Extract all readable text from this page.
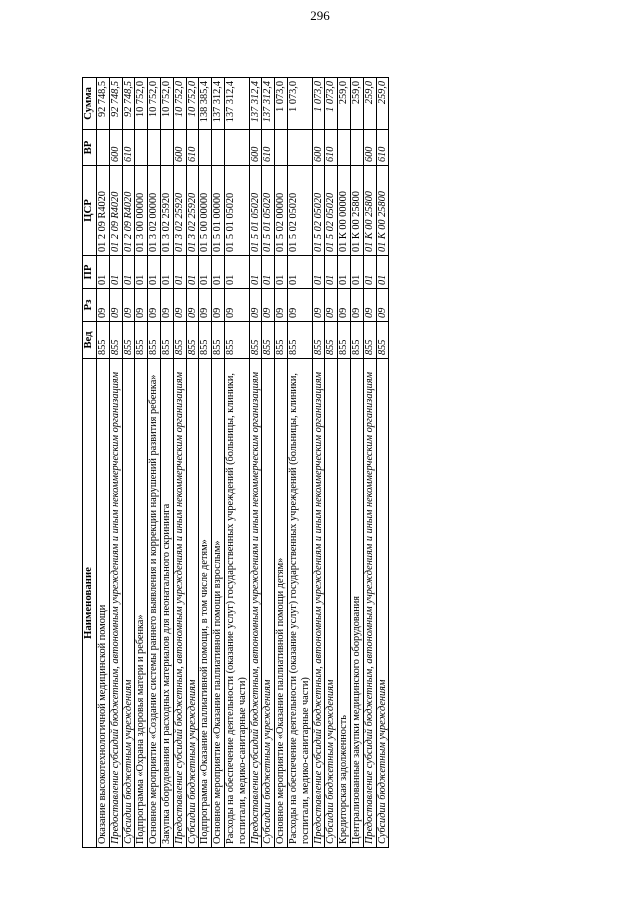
296
Наименование	Вед	Рз	ПР	ЦСР	ВР	Сумма
Оказание высокотехнологичной медицинской помощи	855	09	01	01 2 09 R4020		92 748,5
Предоставление субсидий бюджетным, автономным учреждениям и иным некоммерческим организациям	855	09	01	01 2 09 R4020	600	92 748,5
Субсидии бюджетным учреждениям	855	09	01	01 2 09 R4020	610	92 748,5
Подпрограмма «Охрана здоровья матери и ребенка»	855	09	01	01 3 00 00000		10 752,0
Основное мероприятие «Создание системы раннего выявления и коррекции нарушений развития ребенка»	855	09	01	01 3 02 00000		10 752,0
Закупка оборудования и расходных материалов для неонатального скрининга	855	09	01	01 3 02 25920		10 752,0
Предоставление субсидий бюджетным, автономным учреждениям и иным некоммерческим организациям	855	09	01	01 3 02 25920	600	10 752,0
Субсидии бюджетным учреждениям	855	09	01	01 3 02 25920	610	10 752,0
Подпрограмма «Оказание паллиативной помощи, в том числе детям»	855	09	01	01 5 00 00000		138 385,4
Основное мероприятие «Оказание паллиативной помощи взрослым»	855	09	01	01 5 01 00000		137 312,4
Расходы на обеспечение деятельности (оказание услуг) государственных учреждений (больницы, клиники, госпитали, медико-санитарные части)	855	09	01	01 5 01 05020		137 312,4
Предоставление субсидий бюджетным, автономным учреждениям и иным некоммерческим организациям	855	09	01	01 5 01 05020	600	137 312,4
Субсидии бюджетным учреждениям	855	09	01	01 5 01 05020	610	137 312,4
Основное мероприятие «Оказание паллиативной помощи детям»	855	09	01	01 5 02 00000		1 073,0
Расходы на обеспечение деятельности (оказание услуг) государственных учреждений (больницы, клиники, госпитали, медико-санитарные части)	855	09	01	01 5 02 05020		1 073,0
Предоставление субсидий бюджетным, автономным учреждениям и иным некоммерческим организациям	855	09	01	01 5 02 05020	600	1 073,0
Субсидии бюджетным учреждениям	855	09	01	01 5 02 05020	610	1 073,0
Кредиторская задолженность	855	09	01	01 К 00 00000		259,0
Централизованные закупки медицинского оборудования	855	09	01	01 К 00 25800		259,0
Предоставление субсидий бюджетным, автономным учреждениям и иным некоммерческим организациям	855	09	01	01 К 00 25800	600	259,0
Субсидии бюджетным учреждениям	855	09	01	01 К 00 25800	610	259,0
